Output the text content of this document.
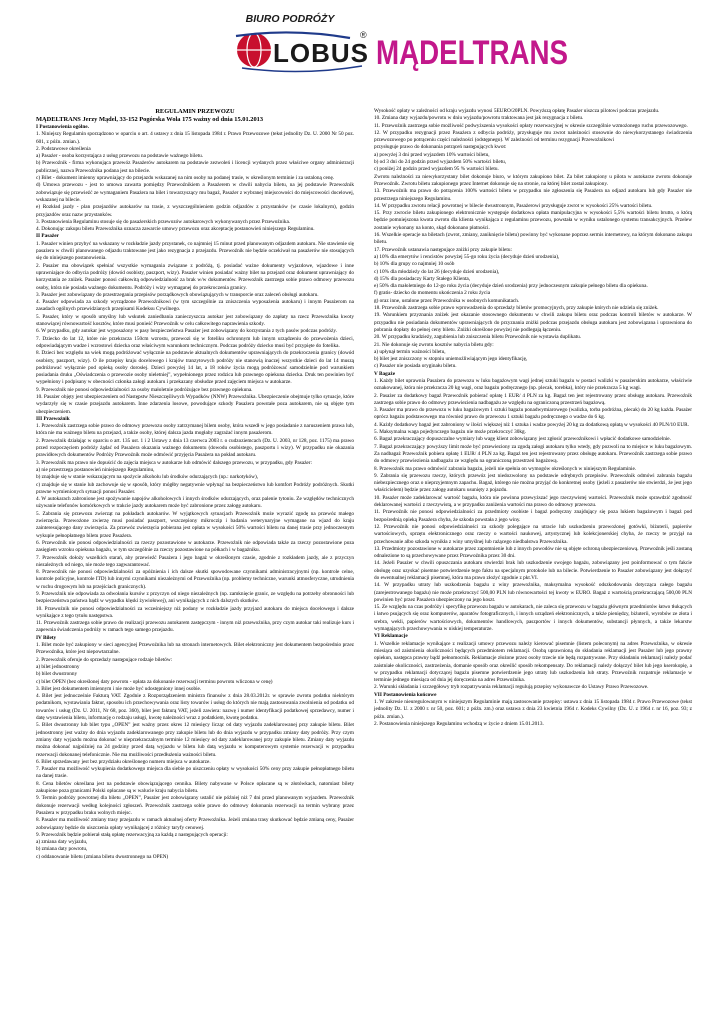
BIURO PODRÓŻY
LOBUS
® MĄDELTRANS

REGULAMIN PRZEWOZU

MĄDELTRANS Jerzy Mądel, 33-152 Pogórska Wola 175 ważny od dnia 15.01.2013

I Postanowienia ogólne.

1. Niniejszy Regulamin sporządzono w oparciu o art. 4 ustawy z dnia 15 listopada 1984 r. Prawo Przewozowe (tekst jednolity Dz. U. 2000 Nr 50 poz. 601, z późn. zmian.).

2. Podstawowe określenia

a) Pasażer - osoba korzystająca z usług przewozu na podstawie ważnego biletu.

b) Przewoźnik - firma wykonująca przewóz Pasażerów autokarem na podstawie zezwoleń i licencji wydanych przez właściwe organy administracji publicznej, nazwa Przewoźnika podana jest na bilecie.

c) Bilet - dokument imienny uprawniający do przejazdu wskazanej na nim osoby na podanej trasie, w określonym terminie i za ustaloną cenę.

d) Umowa przewozu - jest to umowa zawarta pomiędzy Przewoźnikiem a Pasażerem w chwili nabycia biletu, na jej podstawie Przewoźnik zobowiązuje się przewieźć ze wymaganiem Pasażera na bilet i towarzyszący mu bagaż, Pasażer z wybranej miejscowości do miejscowości docelowej, wskazanej na bilecie.

e) Rozkład jazdy - plan przejazdów autokarów na trasie, z wyszczególnieniem godzin odjazdów z przystanków (w czasie lokalnym), godzin przyjazdów oraz nazw przystanków.

3. Postanowienia Regulaminu stosuje się do pasażerskich przewozów autokarowych wykonywanych przez Przewoźnika.

4. Dokonując zakupu biletu Przewoźnika oznacza zawarcie umowy przewozu oraz akceptację postanowień niniejszego Regulaminu.

II Pasażer

1. Pasażer winien przybyć na wskazany w rozkładzie jazdy przystanek, co najmniej 15 minut przed planowanym odjazdem autokaru. Nie stawienie się pasażera w chwili planowanego odjazdu traktowane jest jako rezygnacja z przejazdu. Przewoźnik nie będzie oczekiwał na pasażerów nie stosujących się do niniejszego postanowienia.

2. Pasażer ma obowiązek spełniać wszystkie wymagania związane z podróżą, tj. posiadać ważne dokumenty wyjazdowe, wjazdowe i inne uprawniające do odbycia podróży (dowód osobisty, paszport, wizy). Pasażer winien posiadać ważny bilet na przejazd oraz dokument uprawniający do korzystania ze zniżek. Pasażer ponosi całkowitą odpowiedzialność za brak w/w dokumentów. Przewoźnik zastrzega sobie prawo odmowy przewozu osoby, która nie posiada ważnego dokumentu. Podróży i wizy wymaganej do przekroczenia granicy.

3. Pasażer jest zobowiązany do przestrzegania przepisów porządkowych obowiązujących w transporcie oraz zaleceń obsługi autokaru.

4. Pasażer odpowiada za szkody wyrządzone Przewoźnikowi (w tym szczególnie za zniszczenia wyposażenia autokaru) i innym Pasażerom na zasadach ogólnych przewidzianych przepisami Kodeksu Cywilnego.

5. Pasażer, który w sposób umyślny lub wskutek zaniedbania zanieczyszcza autokar jest zobowiązany do zapłaty na rzecz Przewoźnika kwoty stanowiącej równowartość kosztów, które musi ponieść Przewoźnik w celu całkowitego naprawienia szkody.

6. W przypadku, gdy autokar jest wyposażony w pasy bezpieczeństwa Pasażer jest zobowiązany do korzystania z tych pasów podczas podróży.

7. Dziecko do lat 12, które nie przekracza 150cm wzrostu, przewozi się w foteliku ochronnym lub innym urządzeniu do przewożenia dzieci, odpowiadającym wadze i wzrostowi dziecka oraz właściwym warunkom technicznym. Podczas podróży dziecko musi być przypięte do fotelika.

8. Dzieci bez względu na wiek mogą podróżować wyłącznie na podstawie aktualnych dokumentów uprawniających do przekroczenia granicy (dowód osobisty, paszport, wizy). O ile przepisy kraju docelowego i krajów tranzytowych podróży nie stanowią inaczej wszystkie dzieci do lat 14 muszą podróżować wyłącznie pod opieką osoby dorosłej. Dzieci powyżej 14 lat, a 18 roków życia mogą podróżować samodzielnie pod warunkiem posiadania druku „Oświadczenia o przewozie osoby nieletniej”, wypełnionego przez rodzica lub prawnego opiekuna dziecka. Druk ten powinien być wypełniony i podpisany w obecności członka załogi autokaru i przekazany obsłudze przed zajęciem miejsca w autokarze.

9. Przewoźnik nie ponosi odpowiedzialności za osoby małoletnie podróżujące bez prawnego opiekuna.

10. Pasażer objęty jest ubezpieczeniem od Następstw Nieszczęśliwych Wypadków (NNW) Przewoźnika. Ubezpieczenie obejmuje tylko sytuacje, które wydarzyły się w czasie przejazdu autokarem. Inne zdarzenia losowe, powodujące szkody Pasażera powstałe poza autokarem, nie są objęte tym ubezpieczeniem.

III Przewoźnik

1. Przewoźnik zastrzega sobie prawo do odmowy przewozu osoby zatrzymanej bilem osoby, która wszedł w jego posiadanie z naruszeniem prawa lub, która nie ma ważnego biletu na przejazd, a także osoby, której dalsza jazda mogłaby zagrażać innym pasażerom.

2. Przewoźnik działając w oparciu o art. 135 ust. 1 i 2 Ustawy z dnia 13 czerwca 2003 r. o cudzoziemcach (Dz. U. 2003, nr 128, poz. 1175) ma prawo przed rozpoczęciem podróży żądać od Pasażera okazania ważnego dokumentu (dowodu osobistego, paszportu i wizy). W przypadku nie okazania prawidłowych dokumentów Podróży Przewoźnik może odmówić przyjęcia Pasażera na pokład autokaru.

3. Przewoźnik ma prawo nie dopuścić do zajęcia miejsca w autokarze lub odmówić dalszego przewozu, w przypadku, gdy Pasażer:

a) nie przestrzega postanowień niniejszego Regulaminu,

b) znajduje się w stanie wskazującym na spożycie alkoholu lub środków odurzających (np.: narkotyków),

c) znajduje się w stanie lub zachowuje się w sposób, który mógłby negatywnie wpłynąć na bezpieczeństwo lub komfort Podróży podróżnych. Skutki prawne wymienionych sytuacji ponosi Pasażer.

4. W autokarach zabronione jest spożywanie napojów alkoholowych i innych środków odurzających, oraz palenie tytoniu. Ze względów technicznych używanie telefonów komórkowych w trakcie jazdy autokarem może być zabronione przez załogę autokaru.

5. Zabrania się przewozu zwierząt na pokładach autokarów. W wyjątkowych sytuacjach Przewoźnik może wyrazić zgodę na przewóz małego zwierzęcia. Przewożone zwierzę musi posiadać paszport, wszczepiony mikroczip i badania weterynaryjne wymagane na wjazd do kraju zainteresującego dany zwierzęcia. Za przewóz zwierzęcia pobierana jest opłata w wysokości 50% wartości biletu na danej trasie przy jednoczesnym wykupie pełnopłatnego biletu przez Pasażera.

6. Przewoźnik nie ponosi odpowiedzialności za rzeczy pozostawione w autokarze. Przewoźnik nie odpowiada także za rzeczy pozostawione poza zasięgiem wzroku opiekuna bagażu, w tym szczególnie za rzeczy pozostawione na półkach i w bagażniku.

7. Przewoźnik dołoży wszelkich starań, aby przewieźć Pasażera i jego bagaż w określonym czasie, zgodnie z rozkładem jazdy, ale z przyczyn niezależnych od niego, nie może tego zagwarantować.

8. Przewoźnik nie ponosi odpowiedzialności za opóźnienia i ich dalsze skutki spowodowane czynnikami administracyjnymi (np. kontrole celne, kontrole policyjne, kontrole ITD) lub innymi czynnikami niezależnymi od Przewoźnika (np. problemy techniczne, warunki atmosferyczne, utrudnienia w ruchu drogowym lub na przejściach granicznych).

9. Przewoźnik nie odpowiada za odwołania kursów z przyczyn od niego niezależnych (np. zamknięcie granic, ze względu na potrzeby obronności lub bezpieczeństwa państwa bądź w wypadku klęski żywiołowej), ani wynikających z nich dalszych skutków.

10. Przewoźnik nie ponosi odpowiedzialności za wcześniejszy niż podany w rozkładzie jazdy przyjazd autokaru do miejsca docelowego i dalsze wynikające z tego tytułu następstwa.

11. Przewoźnik zastrzega sobie prawo do realizacji przewozu autokarem zastępczym - innym niż przewoźnika, przy czym autokar taki realizuje kurs i zapewnia świadczenia podróży w ramach tego samego przejazdu.

IV Bilety

1. Bilet może być zakupiony w sieci agencyjnej Przewoźnika lub na stronach internetowych. Bilet elektroniczny jest dokumentem bezpośrednio przez Przewoźnika, które jest niepowtarzalne.

2. Przewoźnik oferuje do sprzedaży następujące rodzaje biletów:

a) bilet jednostronny

b) bilet dwustronny

c) bilet OPEN (bez określonej daty powrotu - opłata za dokonanie rezerwacji terminu powrotu wliczona w cenę)

3. Bilet jest dokumentem imiennym i nie może być udostępniony innej osobie.

4. Bilet jest jednocześnie Fakturą VAT. Zgodnie z Rozporządzeniem ministra finansów z dnia 28.03.2012r. w sprawie zwrotu podatku niektórym podatnikom, wystawiania faktur, sposobu ich przechowywania oraz listy towarów i usług do których nie mają zastosowania zwolnienia od podatku od towarów i usług (Dz. U. 2011, Nr 68, poz. 360), bilet jest fakturą VAT, jeżeli zawiera: nazwę i numer identyfikacji podatkowej sprzedawcy, numer i datę wystawienia biletu, informację o rodzaju usługi, kwotę należności wraz z podatkiem, kwotę podatku.

5. Bilet dwustronny lub bilet typu „OPEN” jest ważny przez okres 12 miesięcy licząc od daty wyjazdu zadeklarowanej przy zakupie biletu. Bilet jednostronny jest ważny do dnia wyjazdu zadeklarowanego przy zakupie biletu lub do dnia wyjazdu w przypadku zmiany daty podróży. Przy czym zmiany daty wyjazdu można dokonać w nieprzekraczalnym terminie 12 miesięcy od daty zadeklarowanej przy zakupie biletu. Zmiany daty wyjazdu można dokonać najpóźniej na 24 godziny przed datą wyjazdu w biletu lub datą wyjazdu w komputerowym systemie rezerwacji w przypadku rezerwacji dokonanej telefonicznie. Nie ma możliwości przedłużenia ważności biletu.

6. Bilet sprzedawany jest bez przydziału określonego numeru miejsca w autokarze.

7. Pasażer ma możliwość wykupienia dodatkowego miejsca dla siebie po uiszczeniu opłaty w wysokości 50% ceny przy zakupie pełnopłatnego biletu na danej trasie.

8. Cena biletów określana jest na podstawie obowiązującego cennika. Bilety nabywane w Polsce opłacane są w złotówkach, natomiast bilety zakupione poza granicami Polski opłacane są w walucie kraju nabycia biletu.

9. Termin podróży powrotnej dla biletu „OPEN”, Pasażer jest zobowiązany ustalić nie później niż 7 dni przed planowanym wyjazdem. Przewoźnik dokonuje rezerwacji według kolejności zgłoszeń. Przewoźnik zastrzega sobie prawo do odmowy dokonania rezerwacji na termin wybrany przez Pasażera w przypadku braku wolnych miejsc.

8. Pasażer ma możliwość zmiany trasy przejazdu w ramach aktualnej oferty Przewoźnika. Jeżeli zmiana trasy skutkować będzie zmianą ceny, Pasażer zobowiązany będzie do uiszczenia opłaty wynikającej z różnicy taryfy cenowej.

9. Przewoźnik będzie pobierał stałą opłatę rezerwacyjną za każdą z następujących operacji:

a) zmiana daty wyjazdu,

b) zmiana daty powrotu,

c) oddanowanie biletu (zmiana biletu dwustronnego na OPEN)

Wysokość opłaty w zależności od kraju wyjazdu wynosi 5EURO/20PLN. Powyższą opłatę Pasażer uiszcza pilotowi podczas przejazdu.

10. Zmiana daty wyjazdu/powrotu w dniu wyjazdu/powrotu traktowana jest jak rezygnacja z biletu.

11. Przewoźnik zastrzega sobie możliwość podwyższenia wysokości opłaty rezerwacyjnej w okresie szczególnie wzmożonego ruchu przewozowego.

12. W przypadku rezygnacji przez Pasażera z odbycia podróży, przysługuje mu zwrot należności stosownie do niewykorzystanego świadczenia przewozowego po potrąceniu części należności (odstępnego). W zależności od terminu rezygnacji Przewoźnikowi

przysługuje prawo do dokonania potrąceń następujących kwot:

a) powyżej 3 dni przed wyjazdem 10% wartości biletu,

b) od 3 dni do 24 godzin przed wyjazdem 50% wartości biletu,

c) poniżej 24 godzin przed wyjazdem 95 % wartości biletu.

Zwrotu należności za niewykorzystany bilet dokonuje biuro, w którym zakupiono bilet. Za bilet zakupiony u pilota w autokarze zwrotu dokonuje Przewoźnik. Zwrotu biletu zakupionego przez Internet dokonuje się na stronie, na której bilet został zakupiony.

13. Przewoźnik ma prawo do potrącenia 100% wartości biletu w przypadku nie zgłoszenia się Pasażera na odjazd autokaru lub gdy Pasażer nie przestrzega niniejszego Regulaminu.

14. W przypadku zwrotu relacji powrotnej w bilecie dwustronnym, Pasażerowi przysługuje zwrot w wysokości 25% wartości biletu.

15. Przy zwrocie biletu zakupionego elektronicznie występuje dodatkowa opłata manipulacyjna w wysokości 5,5% wartości biletu brutto, o którą będzie pomniejszona kwota zwrotu dla klienta wynikająca z regulaminu przewozu, powstała w wyniku ustalonego systemu transakcyjnych. Przelew zostanie wykonany na konto, skąd dokonano płatności.

16. Wszelkie operacje na biletach (zwrot, zmiany, zaniknięcie biletu) powinny być wykonane poprzez sermis internetowy, na którym dokonano zakupu biletu.

17. Przewoźnik ustanawia następujące zniżki przy zakupie biletu:

a) 10% dla emerytów i rencistów powyżej 55-go roku życia (decyduje dzień urodzenia),

b) 10% dla grupy co najmniej 10 osób

c) 10% dla młodzieży do lat 26 (decyduje dzień urodzenia),

d) 15% dla posiadaczy Karty Stałego Klienta,

e) 50% dla małoletniego do 12-go roku życia (decyduje dzień urodzenia) przy jednoczesnym zakupie pełnego biletu dla opiekuna.

f) gratis- dziecko do momentu ukończenia 2 roku życia

g) oraz inne, ustalone przez Przewoźnika w osobnych komunikatach.

18. Przewoźnik zastrzega sobie prawo wprowadzenia do sprzedaży biletów promocyjnych, przy zakupie których nie udziela się zniżek.

19. Warunkiem przyznania zniżek jest okazanie stosownego dokumentu w chwili zakupu biletu oraz podczas kontroli biletów w autokarze. W przypadku nie posiadania dokumentów uprawniających do przyznania zniżki podczas przejazdu obsługa autokaru jest zobowiązana i uprawniona do pobrania dopłaty do pełnej ceny biletu. Zniżki określone powyżej nie podlegają łączeniu.

20. W przypadku kradzieży, zagubienia lub zniszczenia biletu Przewoźnik nie wystawia duplikatu.

21. Nie dokonuje się zwrotu kosztów nabycia biletu gdy:

a) upłynął termin ważności biletu,

b) bilet jest zniszczony w stopniu uniemożliwiającym jego identyfikację,

c) Pasażer nie posiada oryginału biletu.

V Bagaże

1. Każdy bilet uprawnia Pasażera do przewozu w luku bagażowym wagi jednej sztuki bagażu w postaci walizki w pasażerskim autokarze, właściwie oznakowanej, która nie przekracza 20 kg wagi, oraz bagażu podręcznego (np. plecak, torebka), który nie przekracza 5 kg wagi.

2. Pasażer za dodatkowy bagaż Przewoźnik pobierać opłatę 1 EUR/ 4 PLN za kg. Bagaż ten jest rejestrowany przez obsługę autokaru. Przewoźnik zastrzega sobie prawo do odmowy przewiezienia nadbagażu ze względu na ograniczoną przestrzeń bagażową.

3. Pasażer ma prawo do przewozu w luku bagażowym 1 sztuki bagażu ponadwymiarowego (walizka, torba podróżna, plecak) do 20 kg każda. Pasażer oprócz bagażu podstawowego ma również prawo do przewozu 1 sztuki bagażu podręcznego o wadze do 6 kg.

4. Każdy dodatkowy bagaż jest zabroniony w ilości większej niż 1 sztuka i wadze powyżej 20 kg za dodatkową opłatą w wysokości 40 PLN/10 EUR.

5. Maksymalna waga pojedynczego bagażu nie może przekroczyć 30kg.

6. Bagaż przekraczający dopuszczalne wymiary lub wagę klient zobowiązany jest zgłosić przewoźnikowi i wpłacić dodatkowe samodzielnie.

7. Bagaż przekraczający powyższy limit może być przewieziony za zgodą załogi autokaru tylko wtedy, gdy pozwoli na to miejsce w luku bagażowym. Za nadbagaż Przewoźnik pobiera opłatę 1 EUR/ 4 PLN za kg. Bagaż ten jest rejestrowany przez obsługę autokaru. Przewoźnik zastrzega sobie prawo do odmowy przewiezienia nadbagażu ze względu na ograniczoną przestrzeń bagażową.

8. Przewoźnik ma prawo odmówić zabrania bagażu, jeżeli nie spełnia on wymogów określonych w niniejszym Regulaminie.

9. Zabrania się przewozu rzeczy, których przewóz jest niedozwolony na podstawie odrębnych przepisów. Przewoźnik odmówi zabrania bagażu niebezpiecznego oraz o nieprzyjemnym zapachu. Bagaż, którego nie można przyjąć do konkretnej osoby (jeżeli z pasażerów nie stwierdzi, że jest jego właścicielem) będzie przez załogę autokaru usunięty z pojazdu.

10. Pasażer może zadeklarować wartość bagażu, która nie powinna przewyższać jego rzeczywistej wartości. Przewoźnik może sprawdzić zgodność deklarowanej wartości z rzeczywistą, a w przypadku zaniżenia wartości ma prawo do odmowy przewozu.

11. Przewoźnik nie ponosi odpowiedzialności za przedmioty osobiste i bagaż podręczny znajdujący się poza lukiem bagażowym i bagaż pod bezpośrednią opieką Pasażera chyba, że szkoda powstała z jego winy.

12. Przewoźnik nie ponosi odpowiedzialności za szkody polegające na utracie lub uszkodzeniu przewożonej gotówki, biżuterii, papierów wartościowych, sprzętu elektronicznego oraz rzeczy o wartości naukowej, artystycznej lub kolekcjonerskiej chyba, że rzeczy te przyjął na przechowanie albo szkoda wynikła z winy umyślnej lub rażącego niedbalstwa Przewoźnika.

13. Przedmioty pozostawione w autokarze przez zapomnienie lub z innych powodów nie są objęte ochroną ubezpieczeniową. Przewoźnik jeśli zostaną odnalezione to są przechowywane przez Przewoźnika przez 30 dni.

14. Jeżeli Pasażer w chwili opuszczania autokaru stwierdzi brak lub uszkodzenie swojego bagażu, zobowiązany jest poinformować o tym fakcie obsługę oraz uzyskać pisemne potwierdzenie tego faktu na specjalnym protokole lub na bilecie. Potwierdzenie to Pasażer zobowiązany jest dołączyć do ewentualnej reklamacji pisemnej, która ma prawo złożyć zgodnie z pkt.VI.

14. W przypadku utraty lub uszkodzenia bagażu z winy przewoźnika, maksymalna wysokość odszkodowania dotycząca całego bagażu (zarejestrowanego bagażu) nie może przekroczyć 500,00 PLN lub równowartości tej kwoty w EURO. Bagaż z wartością przekraczającą 500,00 PLN powinien być przez Pasażera ubezpieczony na jego koszt.

15. Ze względu na czas podróży i specyfikę przewozu bagażu w autokarach, nie zaleca się przewozu w bagażu głównym przedmiotów łatwo tłukących i łatwo psujących się oraz komputerów, aparatów fotograficznych, i innych urządzeń elektronicznych, a także pieniędzy, biżuterii, wyrobów ze złota i srebra, wekli, papierów wartościowych, dokumentów handlowych, paszportów i innych dokumentów, substancji płynnych, a także lekarstw wymagających przechowywania w niskiej temperaturze.

VI Reklamacje

1. Wszelkie reklamacje wynikające z realizacji umowy przewozu należy kierować pisemnie (listem poleconym) na adres Przewoźnika, w okresie miesiąca od zaistnienia okoliczności będących przedmiotem reklamacji. Osobą uprawnioną do składania reklamacji jest Pasażer lub jego prawny opiekun, następca prawny bądź pełnomocnik. Reklamacje złożone przez osoby trzecie nie będą rozpatrywane. Przy składaniu reklamacji należy podać zaistniałe okoliczności, zastrzeżenia, domanie sposób oraz określić sposób rekompensaty. Do reklamacji należy dołączyć bilet lub jego kserokopię, a w przypadku reklamacji dotyczącej bagażu pisemne potwierdzenie jego utraty lub uszkodzenia lub straty. Przewoźnik rozpatruje reklamacje w terminie jednego miesiąca od dnia jej doręczenia na adres Przewoźnika.

2. Warunki składania i szczegółowy tryb rozpatrywania reklamacji regulują przepisy wykonawcze do Ustawy Prawo Przewozowe.

VII Postanowienia końcowe

1. W zakresie nieuregulowanym w niniejszym Regulaminie mają zastosowanie przepisy: ustawa z dnia 15 listopada 1984 r. Prawo Przewozowe (tekst jednolity Dz. U. z 2000 r. nr 50, poz. 601; z późn. zm.) oraz ustawa z dnia 23 kwietnia 1964 r. Kodeks Cywilny (Dz. U. z 1964 r. nr 16, poz. 93; z późn. zmian.).

2. Postanowienia niniejszego Regulaminu wchodzą w życie z dniem 15.01.2013.
